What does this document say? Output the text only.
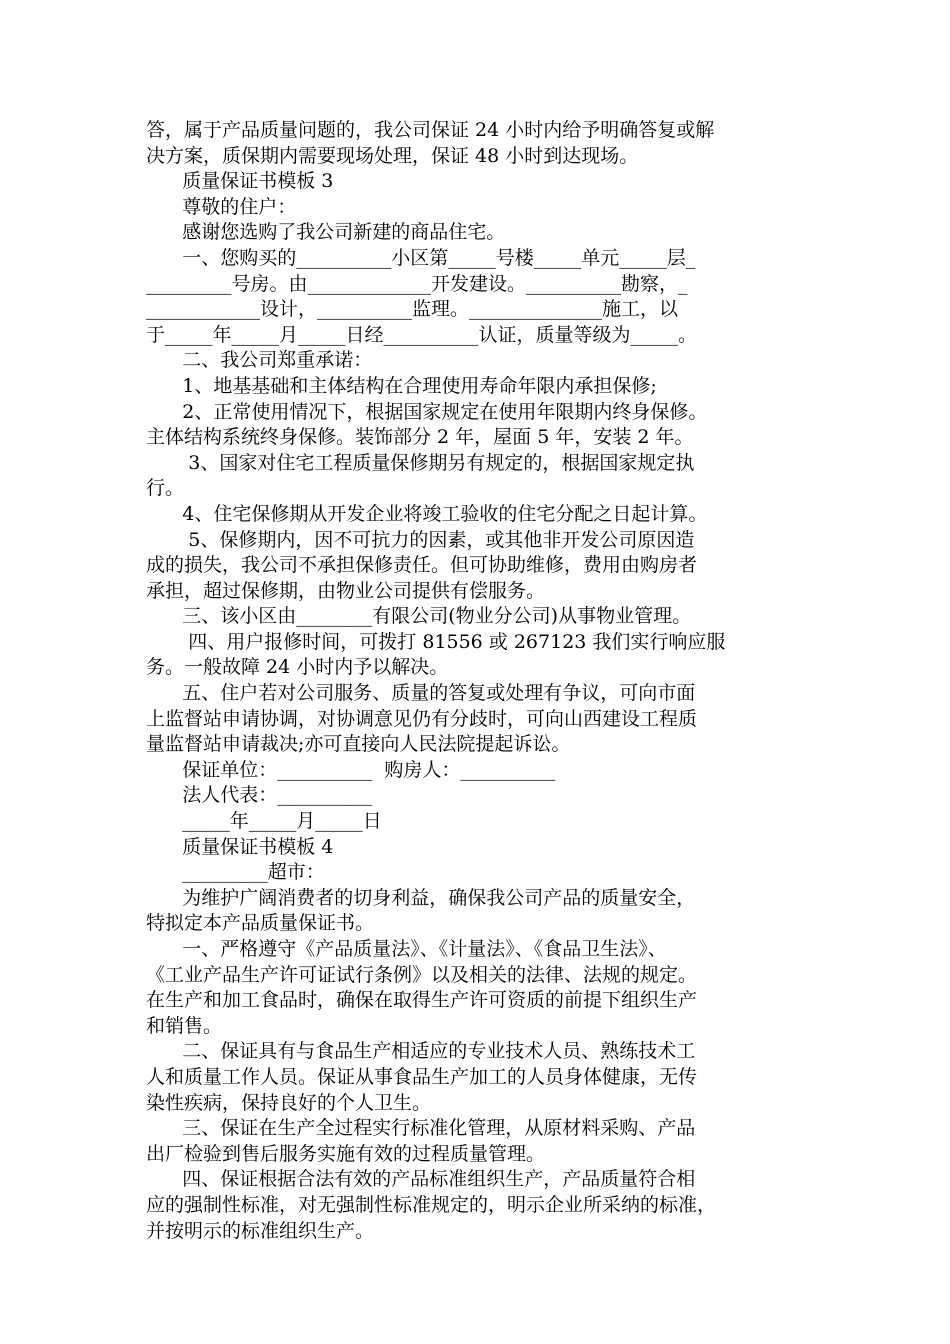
答，属于产品质量问题的，我公司保证 24 小时内给予明确答复或解
决方案，质保期内需要现场处理，保证 48 小时到达现场。
质量保证书模板 3
尊敬的住户：
感谢您选购了我公司新建的商品住宅。
一、您购买的__________小区第_____号楼_____单元_____层_
_________号房。由_____________开发建设。__________勘察，_
____________设计，__________监理。______________施工，以
于_____年_____月_____日经__________认证，质量等级为_____。
二、我公司郑重承诺：
1、地基基础和主体结构在合理使用寿命年限内承担保修;
2、正常使用情况下，根据国家规定在使用年限期内终身保修。
主体结构系统终身保修。装饰部分 2 年，屋面 5 年，安装 2 年。
3、国家对住宅工程质量保修期另有规定的，根据国家规定执
行。
4、住宅保修期从开发企业将竣工验收的住宅分配之日起计算。
5、保修期内，因不可抗力的因素，或其他非开发公司原因造
成的损失，我公司不承担保修责任。但可协助维修，费用由购房者
承担，超过保修期，由物业公司提供有偿服务。
三、该小区由________有限公司(物业分公司)从事物业管理。
四、用户报修时间，可拨打 81556 或 267123 我们实行响应服
务。一般故障 24 小时内予以解决。
五、住户若对公司服务、质量的答复或处理有争议，可向市面
上监督站申请协调，对协调意见仍有分歧时，可向山西建设工程质
量监督站申请裁决;亦可直接向人民法院提起诉讼。
保证单位：__________  购房人：__________
法人代表：__________
_____年_____月_____日
质量保证书模板 4
_________超市：
为维护广阔消费者的切身利益，确保我公司产品的质量安全，
特拟定本产品质量保证书。
一、严格遵守《产品质量法》、《计量法》、《食品卫生法》、
《工业产品生产许可证试行条例》以及相关的法律、法规的规定。
在生产和加工食品时，确保在取得生产许可资质的前提下组织生产
和销售。
二、保证具有与食品生产相适应的专业技术人员、熟练技术工
人和质量工作人员。保证从事食品生产加工的人员身体健康，无传
染性疾病，保持良好的个人卫生。
三、保证在生产全过程实行标准化管理，从原材料采购、产品
出厂检验到售后服务实施有效的过程质量管理。
四、保证根据合法有效的产品标准组织生产，产品质量符合相
应的强制性标准，对无强制性标准规定的，明示企业所采纳的标准，
并按明示的标准组织生产。
